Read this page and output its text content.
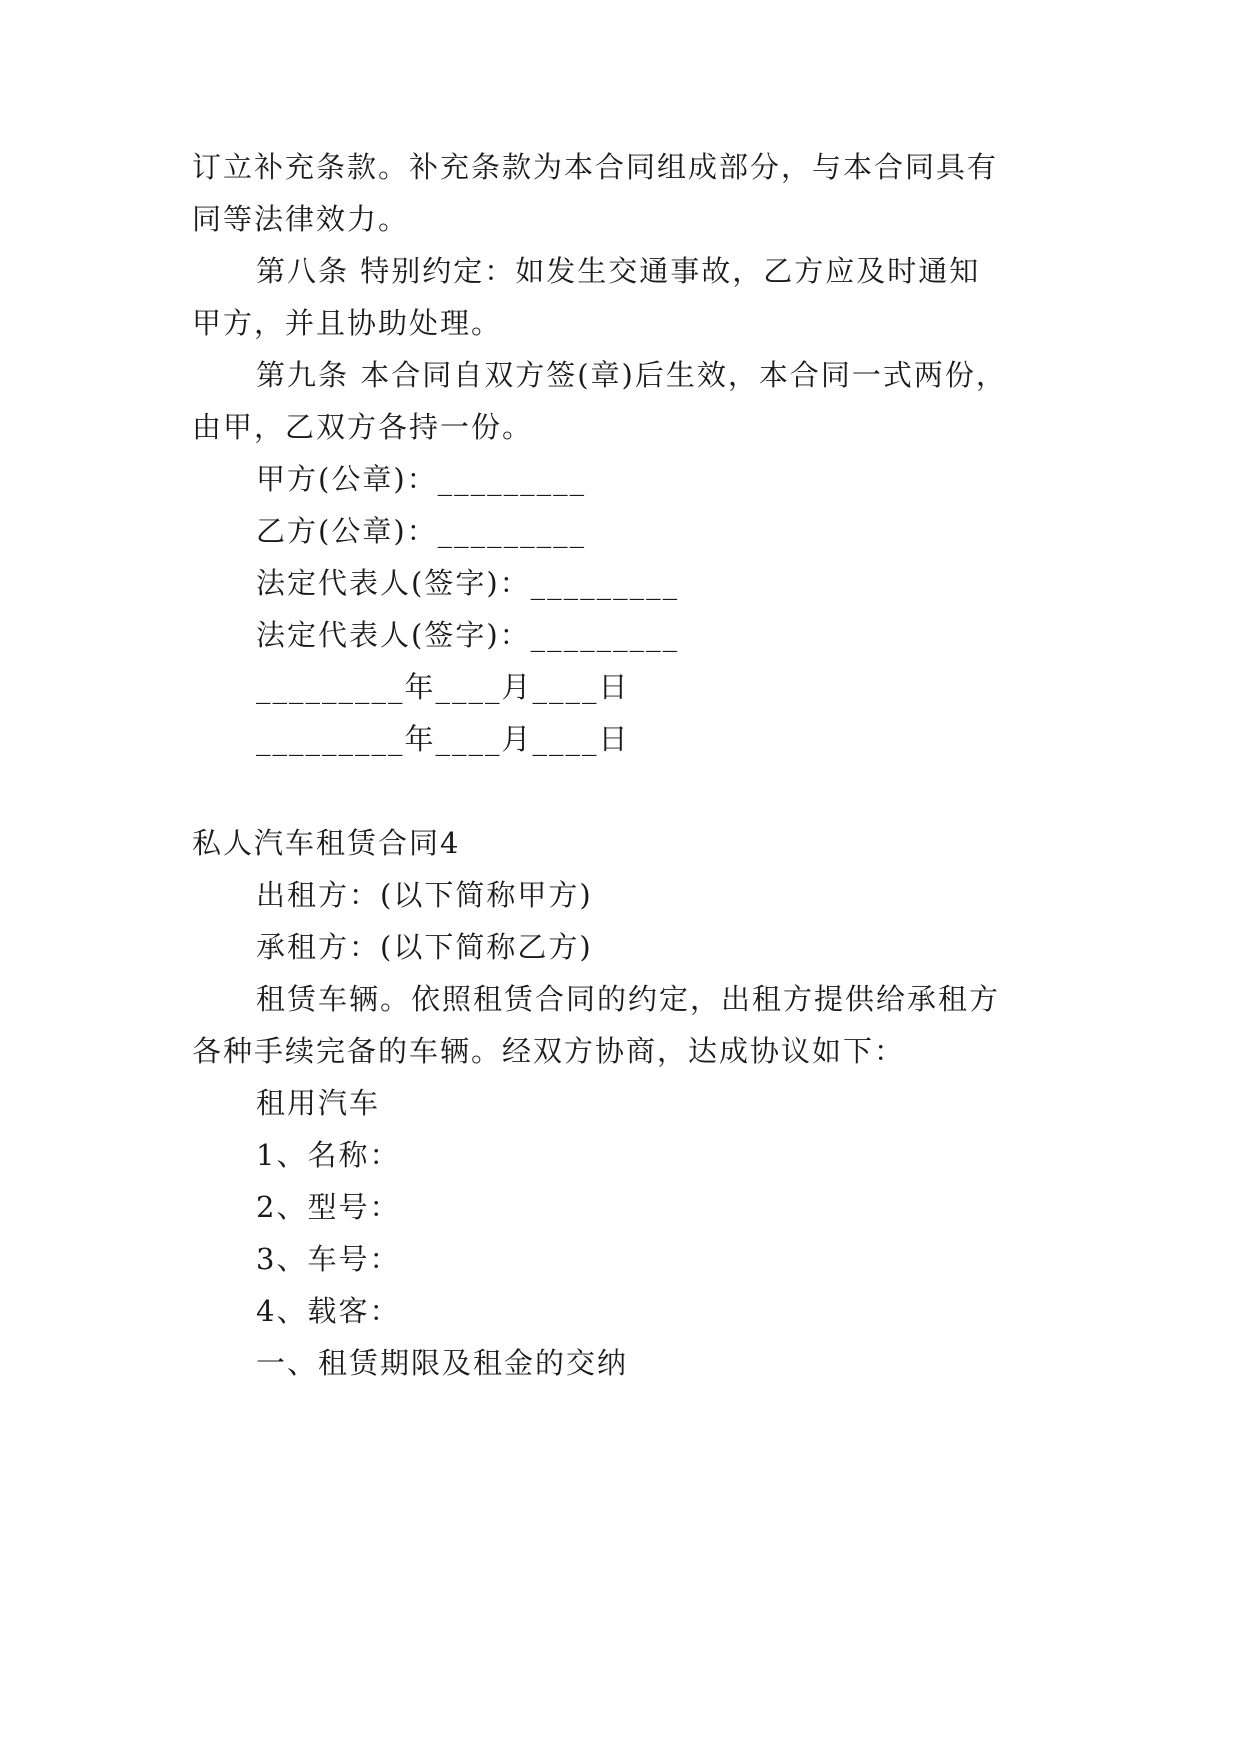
订立补充条款。补充条款为本合同组成部分，与本合同具有
同等法律效力。
第八条 特别约定：如发生交通事故，乙方应及时通知
甲方，并且协助处理。
第九条 本合同自双方签(章)后生效，本合同一式两份，
由甲，乙双方各持一份。
甲方(公章)：_________
乙方(公章)：_________
法定代表人(签字)：_________
法定代表人(签字)：_________
_________年____月____日
_________年____月____日
私人汽车租赁合同4
出租方：(以下简称甲方)
承租方：(以下简称乙方)
租赁车辆。依照租赁合同的约定，出租方提供给承租方
各种手续完备的车辆。经双方协商，达成协议如下：
租用汽车
1、名称：
2、型号：
3、车号：
4、载客：
一、租赁期限及租金的交纳
